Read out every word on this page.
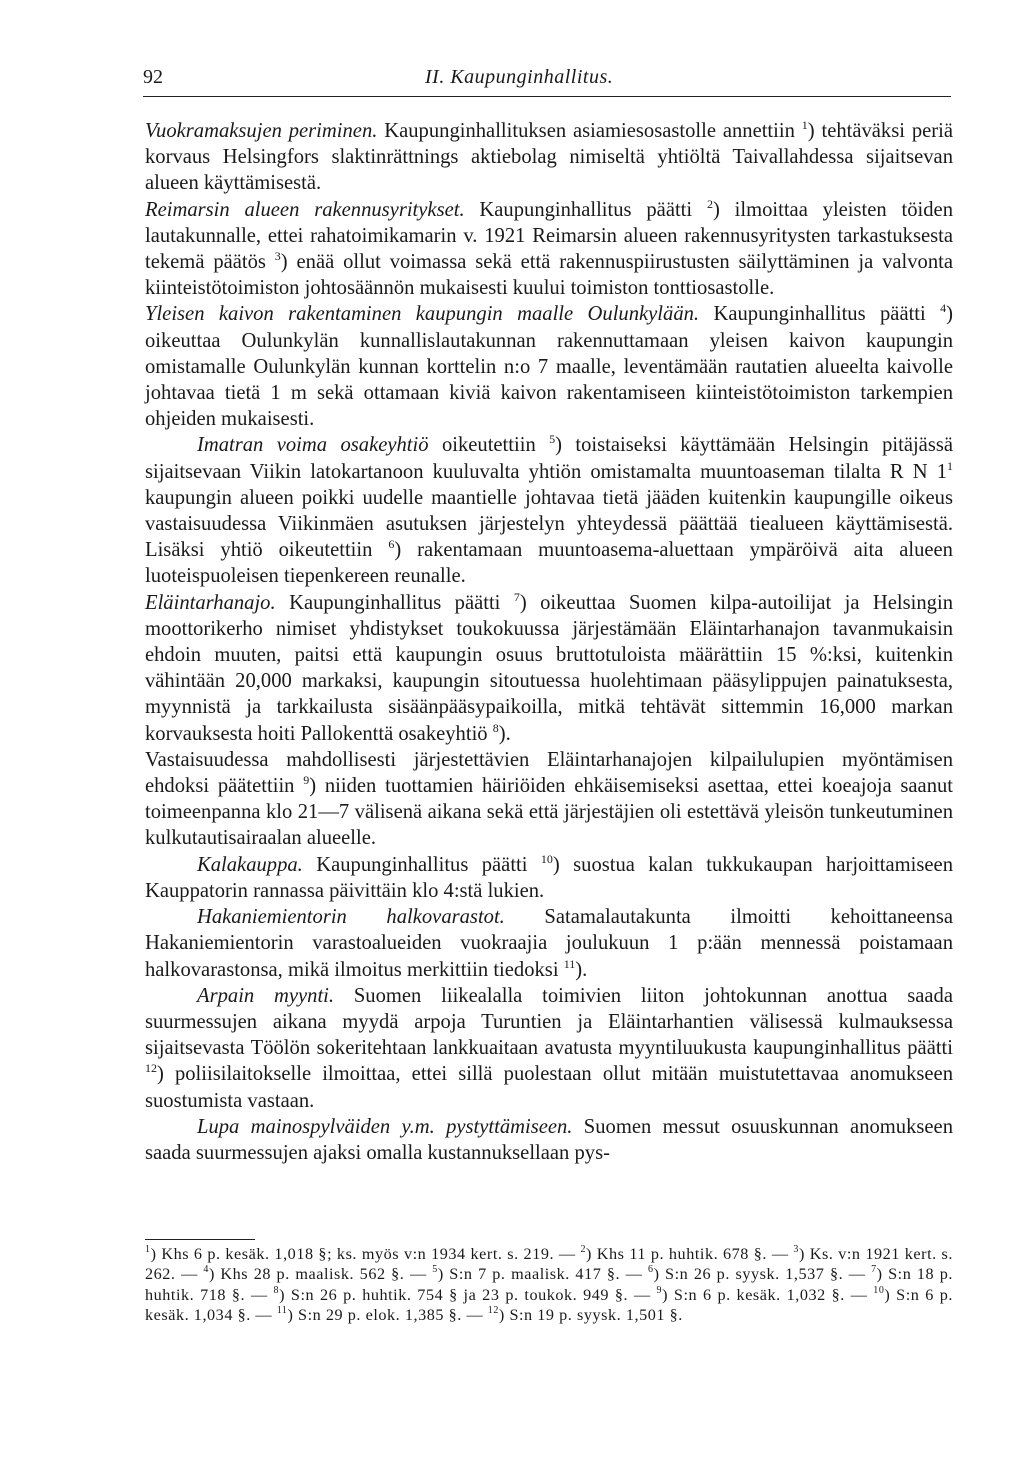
92	II. Kaupunginhallitus.

Vuokramaksujen periminen. Kaupunginhallituksen asiamiesosastolle annettiin $^1$) tehtäväksi periä korvaus Helsingfors slaktinrättnings aktiebolag nimiseltä yhtiöltä Taivallahdessa sijaitsevan alueen käyttämisestä.

Reimarsin alueen rakennusyritykset. Kaupunginhallitus päätti $^2$) ilmoittaa yleisten töiden lautakunnalle, ettei rahatoimikamarin v. 1921 Reimarsin alueen rakennusyritysten tarkastuksesta tekemä päätös $^3$) enää ollut voimassa sekä että rakennuspiirustusten säilyttäminen ja valvonta kiinteistötoimiston johtosäännön mukaisesti kuului toimiston tonttiosastolle.

Yleisen kaivon rakentaminen kaupungin maalle Oulunkylään. Kaupunginhallitus päätti $^4$) oikeuttaa Oulunkylän kunnallislautakunnan rakennuttamaan yleisen kaivon kaupungin omistamalle Oulunkylän kunnan korttelin n:o 7 maalle, leventämään rautatien alueelta kaivolle johtavaa tietä 1 m sekä ottamaan kiviä kaivon rakentamiseen kiinteistötoimiston tarkempien ohjeiden mukaisesti.

Imatran voima osakeyhtiö oikeutettiin $^5$) toistaiseksi käyttämään Helsingin pitäjässä sijaitsevaan Viikin latokartanoon kuuluvalta yhtiön omistamalta muuntoaseman tilalta R N $1^1$ kaupungin alueen poikki uudelle maantielle johtavaa tietä jääden kuitenkin kaupungille oikeus vastaisuudessa Viikinmäen asutuksen järjestelyn yhteydessä päättää tiealueen käyttämisestä. Lisäksi yhtiö oikeutettiin $^6$) rakentamaan muuntoasema-aluettaan ympäröivä aita alueen luoteispuoleisen tiepenkereen reunalle.

Eläintarhanajo. Kaupunginhallitus päätti $^7$) oikeuttaa Suomen kilpa-autoilijat ja Helsingin moottorikerho nimiset yhdistykset toukokuussa järjestämään Eläintarhanajon tavanmukaisin ehdoin muuten, paitsi että kaupungin osuus bruttotuloista määrättiin 15 %:ksi, kuitenkin vähintään 20,000 markaksi, kaupungin sitoutuessa huolehtimaan pääsylippujen painatuksesta, myynnistä ja tarkkailusta sisäänpääsypaikoilla, mitkä tehtävät sittemmin 16,000 markan korvauksesta hoiti Pallokenttä osakeyhtiö $^8$).

Vastaisuudessa mahdollisesti järjestettävien Eläintarhanajojen kilpailulupien myöntämisen ehdoksi päätettiin $^9$) niiden tuottamien häiriöiden ehkäisemiseksi asettaa, ettei koeajoja saanut toimeenpanna klo 21—7 välisenä aikana sekä että järjestäjien oli estettävä yleisön tunkeutuminen kulkutautisairaalan alueelle.

Kalakauppa. Kaupunginhallitus päätti $^{10}$) suostua kalan tukkukaupan harjoittamiseen Kauppatorin rannassa päivittäin klo 4:stä lukien.

Hakaniemientorin halkovarastot. Satamalautakunta ilmoitti kehoittaneensa Hakaniemientorin varastoalueiden vuokraajia joulukuun 1 p:ään mennessä poistamaan halkovarastonsa, mikä ilmoitus merkittiin tiedoksi $^{11}$).

Arpain myynti. Suomen liikealalla toimivien liiton johtokunnan anottua saada suurmessujen aikana myydä arpoja Turuntien ja Eläintarhantien välisessä kulmauksessa sijaitsevasta Töölön sokeritehtaan lankkuaitaan avatusta myyntiluukusta kaupunginhallitus päätti $^{12}$) poliisilaitokselle ilmoittaa, ettei sillä puolestaan ollut mitään muistutettavaa anomukseen suostumista vastaan.

Lupa mainospylväiden y.m. pystyttämiseen. Suomen messut osuuskunnan anomukseen saada suurmessujen ajaksi omalla kustannuksellaan pys-

$^1$) Khs 6 p. kesäk. 1,018 §; ks. myös v:n 1934 kert. s. 219. — $^2$) Khs 11 p. huhtik. 678 §. — $^3$) Ks. v:n 1921 kert. s. 262. — $^4$) Khs 28 p. maalisk. 562 §. — $^5$) S:n 7 p. maalisk. 417 §. — $^6$) S:n 26 p. syysk. 1,537 §. — $^7$) S:n 18 p. huhtik. 718 §. — $^8$) S:n 26 p. huhtik. 754 § ja 23 p. toukok. 949 §. — $^9$) S:n 6 p. kesäk. 1,032 §. — $^{10}$) S:n 6 p. kesäk. 1,034 §. — $^{11}$) S:n 29 p. elok. 1,385 §. — $^{12}$) S:n 19 p. syysk. 1,501 §.
